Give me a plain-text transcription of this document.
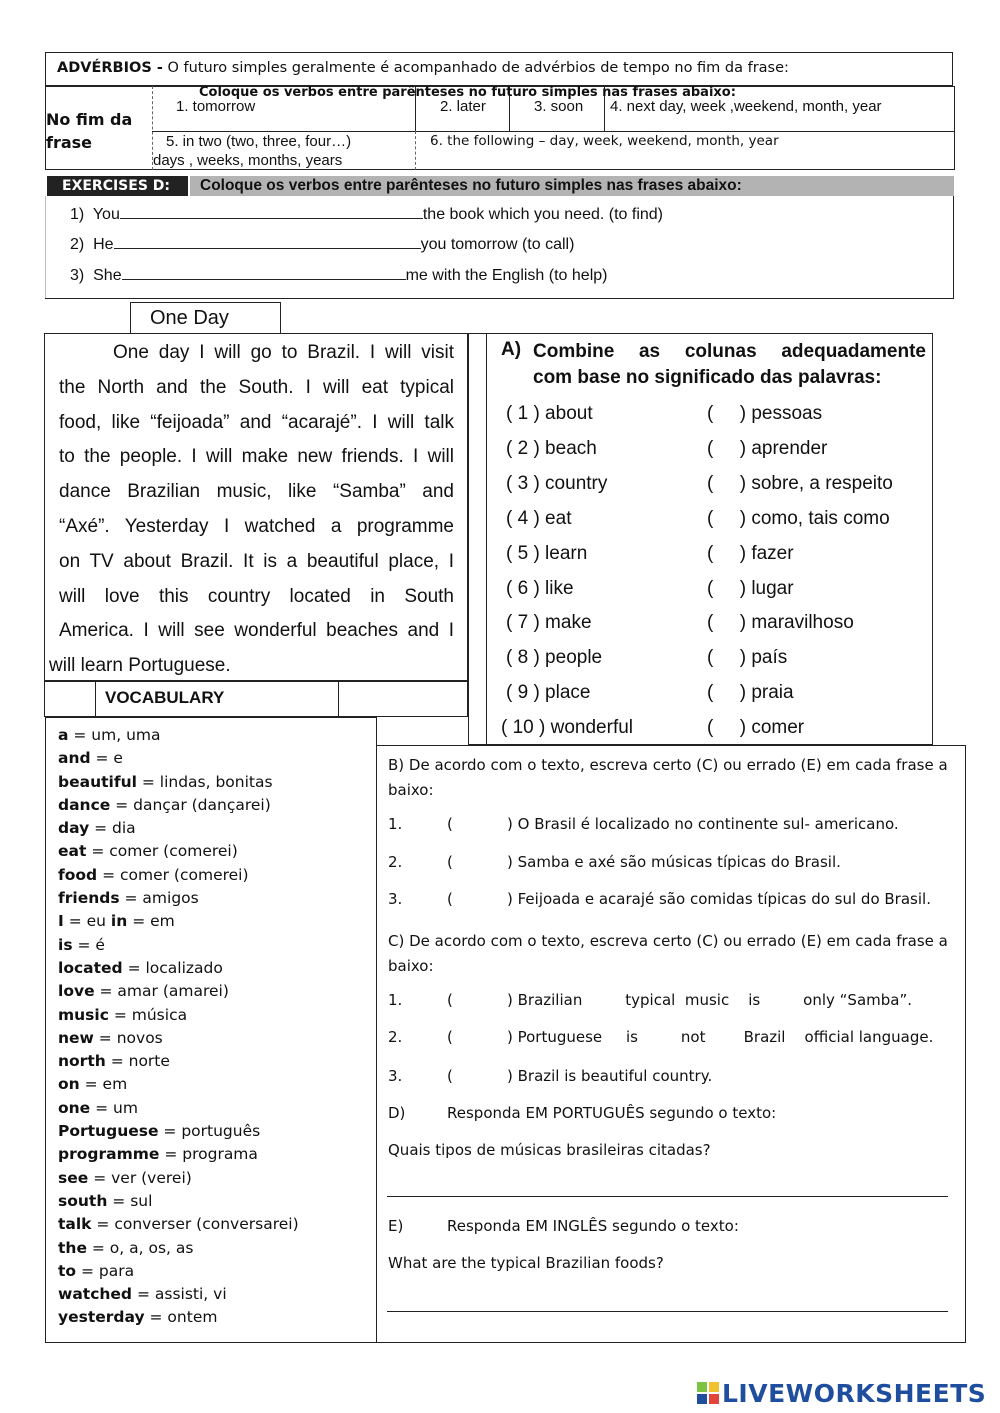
ADVÉRBIOS - O futuro simples geralmente é acompanhado de advérbios de tempo no fim da frase:
No fim da
frase
Coloque os verbos entre parênteses no futuro simples nas frases abaixo:
1. tomorrow	2. later	3. soon 4. next day, week ,weekend, month, year
5. in two (two, three, four…)
days , weeks, months, years
6. the following – day, week, weekend, month, year
EXERCISES D:	Coloque os verbos entre parênteses no futuro simples nas frases abaixo:
1) You	the book which you need. (to find)
2) He	you tomorrow (to call)
3) She	me with the English (to help)
One Day

One day I will go to Brazil. I will visit

the North and the South. I will eat typical

food, like “feijoada” and “acarajé”. I will talk

to the people. I will make new friends. I will

dance Brazilian music, like “Samba” and

“Axé”. Yesterday I watched a programme

on TV about Brazil. It is a beautiful place, I

will love this country located in South

America. I will see wonderful beaches and I

will learn Portuguese.

A) Combine   as   colunas   adequadamente
com base no significado das palavras:
( 1 ) about	(     ) pessoas
( 2 ) beach	(     ) aprender
( 3 ) country	(     ) sobre, a respeito
( 4 ) eat	(     ) como, tais como
( 5 ) learn	(     ) fazer
( 6 ) like	(     ) lugar
( 7 ) make	(     ) maravilhoso
( 8 ) people	(     ) país
( 9 ) place	(     ) praia
( 10 ) wonderful	(     ) comer
VOCABULARY
a = um, uma
and = e
beautiful = lindas, bonitas
dance = dançar (dançarei)
day = dia
eat = comer (comerei)
food = comer (comerei)
friends = amigos
I = eu in = em
is = é
located = localizado
love = amar (amarei)
music = música
new = novos
north = norte
on = em
one = um
Portuguese = português
programme = programa
see = ver (verei)
south = sul
talk = converser (conversarei)
the = o, a, os, as
to = para
watched = assisti, vi
yesterday = ontem
B) De acordo com o texto, escreva certo (C) ou errado (E) em cada frase a
baixo:
1.	(	) O Brasil é localizado no continente sul- americano.
2.	(	) Samba e axé são músicas típicas do Brasil.
3.	(	) Feijoada e acarajé são comidas típicas do sul do Brasil.
C) De acordo com o texto, escreva certo (C) ou errado (E) em cada frase a
baixo:
1.	(	) Brazilian         typical  music    is         only “Samba”.
2.	(	) Portuguese     is         not        Brazil    official language.
3.	(	) Brazil is beautiful country.
D)	Responda EM PORTUGUÊS segundo o texto:
Quais tipos de músicas brasileiras citadas?
E)	Responda EM INGLÊS segundo o texto:
What are the typical Brazilian foods?
LIVEWORKSHEETS
